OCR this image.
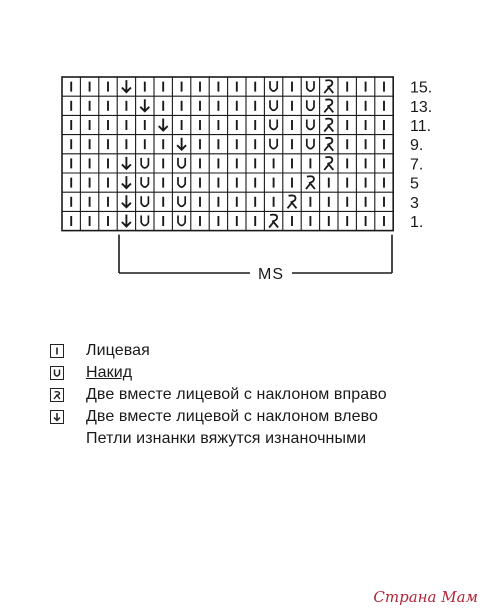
15.
13.
11.
9.
7.
5
3
1.
MS
Лицевая
Накид
Две вместе лицевой с наклоном вправо
Две вместе лицевой с наклоном влево
Петли изнанки вяжутся изнаночными
Страна Мам
